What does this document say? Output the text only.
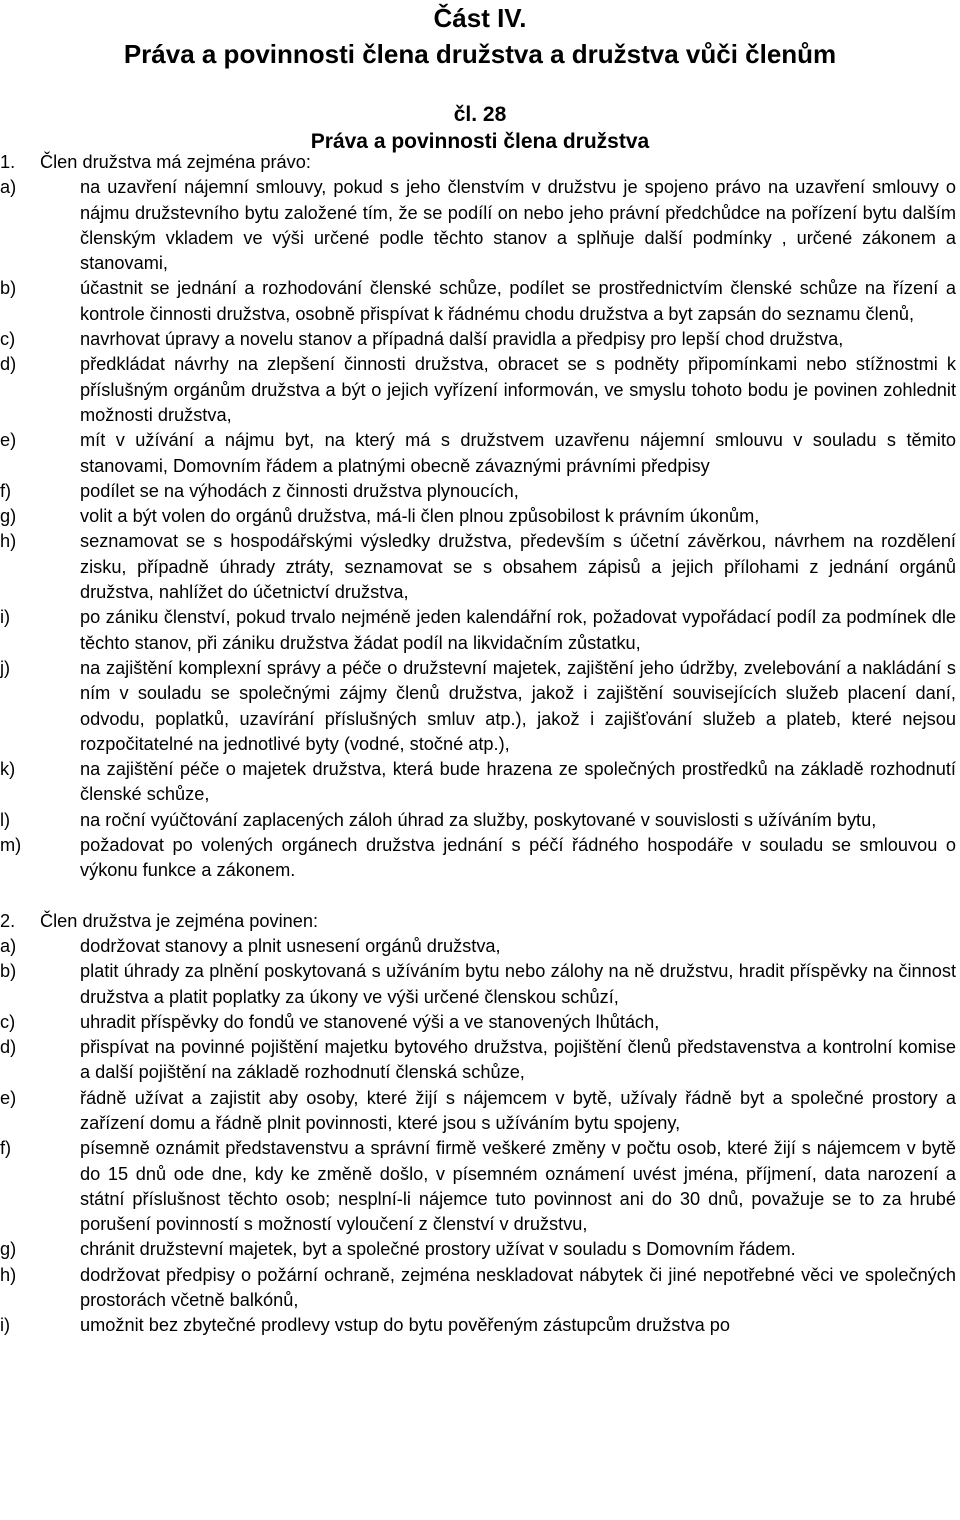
Část IV.
Práva a povinnosti člena družstva a družstva vůči členům
čl. 28
Práva a povinnosti člena družstva
1. Člen družstva má zejména právo:
a)	na uzavření nájemní smlouvy, pokud s jeho členstvím v družstvu je spojeno právo na uzavření smlouvy o nájmu družstevního bytu založené tím, že se podílí on nebo jeho právní předchůdce na pořízení bytu dalším členským vkladem ve výši určené podle těchto stanov a splňuje další podmínky , určené zákonem a stanovami,
b)	účastnit se jednání a rozhodování členské schůze, podílet se prostřednictvím členské schůze na řízení a kontrole činnosti družstva, osobně přispívat k řádnému chodu družstva a byt zapsán do seznamu členů,
c)	navrhovat úpravy a novelu stanov a případná další pravidla a předpisy pro lepší chod družstva,
d)	předkládat návrhy na zlepšení činnosti družstva, obracet se s podněty připomínkami nebo stížnostmi k příslušným orgánům družstva a být o jejich vyřízení informován, ve smyslu tohoto bodu je povinen zohlednit možnosti družstva,
e)	mít v užívání a nájmu byt, na který má s družstvem uzavřenu nájemní smlouvu v souladu s těmito stanovami, Domovním řádem a platnými obecně závaznými právními předpisy
f)	podílet se na výhodách z činnosti družstva plynoucích,
g)	volit a být volen do orgánů družstva, má-li člen plnou způsobilost k právním úkonům,
h)	seznamovat se s hospodářskými výsledky družstva, především s účetní závěrkou, návrhem na rozdělení zisku, případně úhrady ztráty, seznamovat se s obsahem zápisů a jejich přílohami z jednání orgánů družstva, nahlížet do účetnictví družstva,
i)	po zániku členství, pokud trvalo nejméně jeden kalendářní rok, požadovat vypořádací podíl za podmínek dle těchto stanov, při zániku družstva žádat podíl na likvidačním zůstatku,
j)	na zajištění komplexní správy a péče o družstevní majetek, zajištění jeho údržby, zvelebování a nakládání s ním v souladu se společnými zájmy členů družstva, jakož i zajištění souvisejících služeb placení daní, odvodu, poplatků, uzavírání příslušných smluv atp.), jakož i zajišťování služeb a plateb, které nejsou rozpočitatelné na jednotlivé byty (vodné, stočné atp.),
k)	na zajištění péče o majetek družstva, která bude hrazena ze společných prostředků na základě rozhodnutí členské schůze,
l)	na roční vyúčtování zaplacených záloh úhrad za služby, poskytované v souvislosti s užíváním bytu,
m)	požadovat po volených orgánech družstva jednání s péčí řádného hospodáře v souladu se smlouvou o výkonu funkce a zákonem.
2. Člen družstva je zejména povinen:
a)	dodržovat stanovy a plnit usnesení orgánů družstva,
b)	platit úhrady za plnění poskytovaná s užíváním bytu nebo zálohy na ně družstvu, hradit příspěvky na činnost družstva a platit poplatky za úkony ve výši určené členskou schůzí,
c)	uhradit příspěvky do fondů ve stanovené výši a ve stanovených lhůtách,
d)	přispívat na povinné pojištění majetku bytového družstva, pojištění členů představenstva a kontrolní komise a další pojištění na základě rozhodnutí členská schůze,
e)	řádně užívat a zajistit aby osoby, které žijí s nájemcem v bytě, užívaly řádně byt a společné prostory a zařízení domu a řádně plnit povinnosti, které jsou s užíváním bytu spojeny,
f)	písemně oznámit představenstvu a správní firmě veškeré změny v počtu osob, které žijí s nájemcem v bytě do 15 dnů ode dne, kdy ke změně došlo, v písemném oznámení uvést jména, příjmení, data narození a státní příslušnost těchto osob; nesplní-li nájemce tuto povinnost ani do 30 dnů, považuje se to za hrubé porušení povinností s možností vyloučení z členství v družstvu,
g)	chránit družstevní majetek, byt a společné prostory užívat v souladu s Domovním řádem.
h)	dodržovat předpisy o požární ochraně, zejména neskladovat nábytek či jiné nepotřebné věci ve společných prostorách včetně balkónů,
i)	umožnit bez zbytečné prodlevy vstup do bytu pověřeným zástupcům družstva po
